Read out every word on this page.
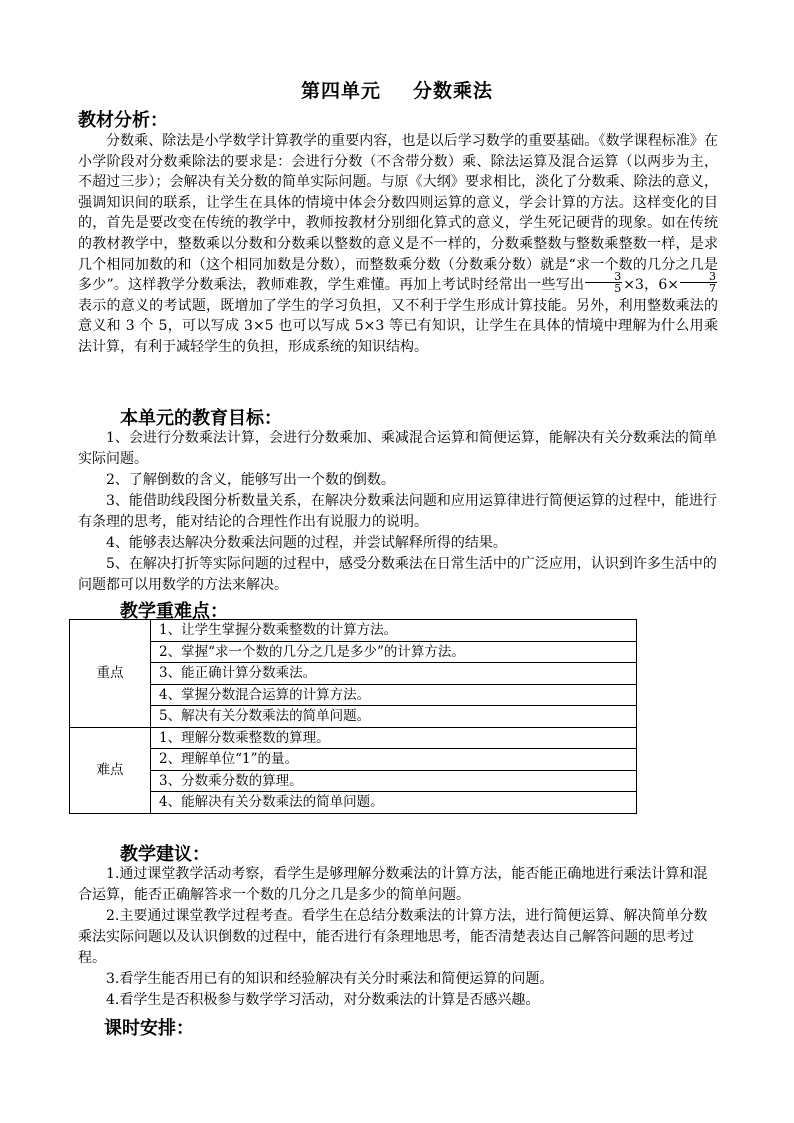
第四单元 分数乘法
教材分析：
分数乘、除法是小学数学计算教学的重要内容，也是以后学习数学的重要基础。《数学课程标准》在小学阶段对分数乘除法的要求是：会进行分数（不含带分数）乘、除法运算及混合运算（以两步为主，不超过三步）；会解决有关分数的简单实际问题。与原《大纲》要求相比，淡化了分数乘、除法的意义，强调知识间的联系，让学生在具体的情境中体会分数四则运算的意义，学会计算的方法。这样变化的目的，首先是要改变在传统的教学中，教师按教材分别细化算式的意义，学生死记硬背的现象。如在传统的教材教学中，整数乘以分数和分数乘以整数的意义是不一样的，分数乘整数与整数乘整数一样，是求几个相同加数的和（这个相同加数是分数），而整数乘分数（分数乘分数）就是“求一个数的几分之几是多少”。这样教学分数乘法，教师难教，学生难懂。再加上考试时经常出一些写出 $\frac{3}{5} \times 3$，$6\times \frac{3}{7}$
表示的意义的考试题，既增加了学生的学习负担，又不利于学生形成计算技能。另外，利用整数乘法的意义和 3 个 5，可以写成 3×5 也可以写成 5×3 等已有知识，让学生在具体的情境中理解为什么用乘法计算，有利于减轻学生的负担，形成系统的知识结构。
本单元的教育目标：
1、会进行分数乘法计算，会进行分数乘加、乘减混合运算和简便运算，能解决有关分数乘法的简单实际问题。
2、了解倒数的含义，能够写出一个数的倒数。
3、能借助线段图分析数量关系，在解决分数乘法问题和应用运算律进行简便运算的过程中，能进行有条理的思考，能对结论的合理性作出有说服力的说明。
4、能够表达解决分数乘法问题的过程，并尝试解释所得的结果。
5、在解决打折等实际问题的过程中，感受分数乘法在日常生活中的广泛应用，认识到许多生活中的问题都可以用数学的方法来解决。
教学重难点：
重点	1、让学生掌握分数乘整数的计算方法。
	2、掌握“求一个数的几分之几是多少”的计算方法。
	3、能正确计算分数乘法。
	4、掌握分数混合运算的计算方法。
	5、解决有关分数乘法的简单问题。
难点	1、理解分数乘整数的算理。
	2、理解单位“1”的量。
	3、分数乘分数的算理。
	4、能解决有关分数乘法的简单问题。
教学建议：
1.通过课堂教学活动考察，看学生是够理解分数乘法的计算方法，能否能正确地进行乘法计算和混合运算，能否正确解答求一个数的几分之几是多少的简单问题。
2.主要通过课堂教学过程考查。看学生在总结分数乘法的计算方法，进行简便运算、解决简单分数乘法实际问题以及认识倒数的过程中，能否进行有条理地思考，能否清楚表达自己解答问题的思考过程。
3.看学生能否用已有的知识和经验解决有关分时乘法和简便运算的问题。
4.看学生是否积极参与数学学习活动，对分数乘法的计算是否感兴趣。
课时安排：
